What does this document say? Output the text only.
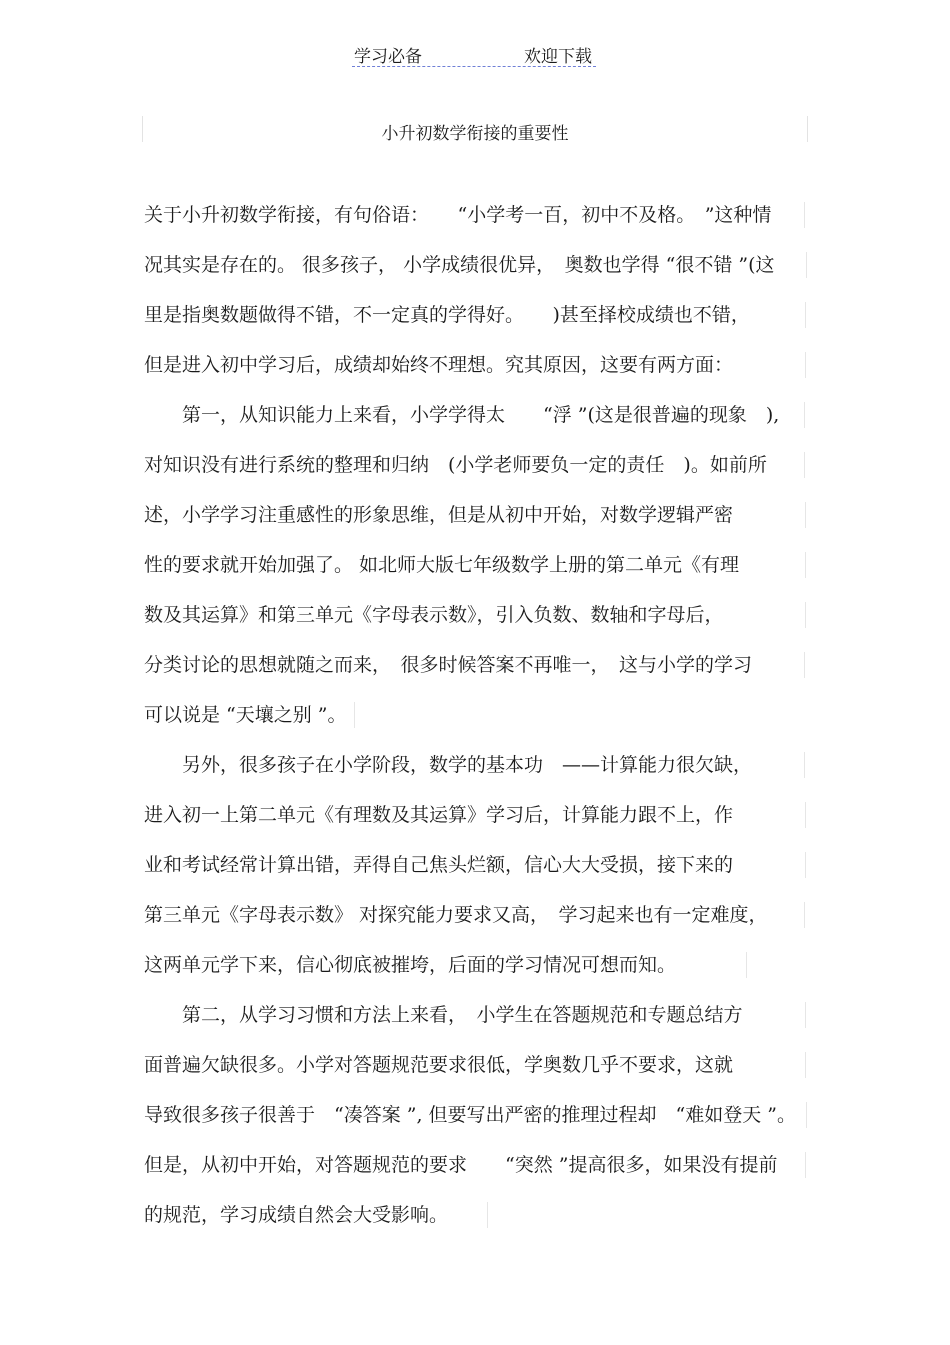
学习必备	欢迎下载
小升初数学衔接的重要性
关于小升初数学衔接，有句俗语：　　“小学考一百，初中不及格。　”这种情
况其实是存在的。 很多孩子， 小学成绩很优异，　奥数也学得 “很不错 ”(这
里是指奥数题做得不错，不一定真的学得好。　　)甚至择校成绩也不错，
但是进入初中学习后，成绩却始终不理想。究其原因，这要有两方面：
　　第一，从知识能力上来看，小学学得太　　“浮 ”(这是很普遍的现象　),
对知识没有进行系统的整理和归纳　(小学老师要负一定的责任　)。如前所
述，小学学习注重感性的形象思维，但是从初中开始，对数学逻辑严密
性的要求就开始加强了。 如北师大版七年级数学上册的第二单元《有理
数及其运算》和第三单元《字母表示数》，引入负数、数轴和字母后，
分类讨论的思想就随之而来，　很多时候答案不再唯一，　这与小学的学习
可以说是 “天壤之别 ”。
　　另外，很多孩子在小学阶段，数学的基本功　——计算能力很欠缺，
进入初一上第二单元《有理数及其运算》学习后，计算能力跟不上，作
业和考试经常计算出错，弄得自己焦头烂额，信心大大受损，接下来的
第三单元《字母表示数》 对探究能力要求又高，　学习起来也有一定难度，
这两单元学下来，信心彻底被摧垮，后面的学习情况可想而知。
　　第二，从学习习惯和方法上来看，　小学生在答题规范和专题总结方
面普遍欠缺很多。小学对答题规范要求很低，学奥数几乎不要求，这就
导致很多孩子很善于　“凑答案 ”, 但要写出严密的推理过程却　“难如登天 ”。
但是，从初中开始，对答题规范的要求　　“突然 ”提高很多，如果没有提前
的规范，学习成绩自然会大受影响。
